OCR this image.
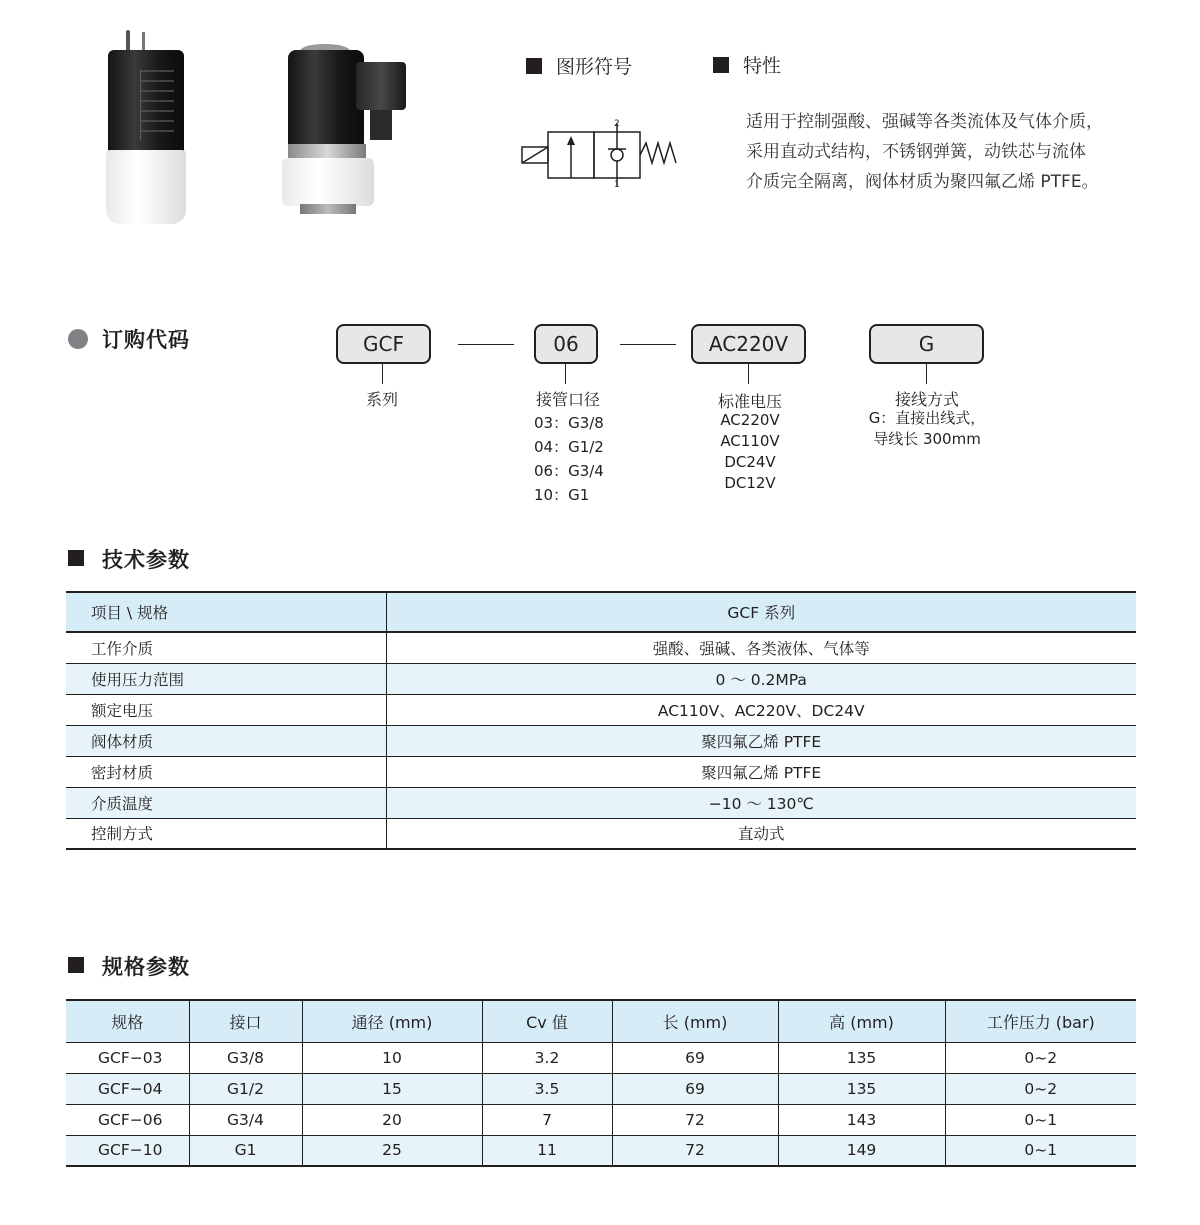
图形符号
2
1
特性
适用于控制强酸、强碱等各类流体及气体介质，
采用直动式结构，不锈钢弹簧，动铁芯与流体
介质完全隔离，阀体材质为聚四氟乙烯 PTFE。
订购代码	GCF	06	AC220V	G
系列	接管口径
03：G3/8
04：G1/2
06：G3/4
10：G1
标准电压
AC220V
AC110V
DC24V
DC12V
接线方式
G：直接出线式，
导线长 300mm
技术参数
项目 \ 规格	GCF 系列
工作介质	强酸、强碱、各类液体、气体等
使用压力范围	0 ～ 0.2MPa
额定电压	AC110V、AC220V、DC24V
阀体材质	聚四氟乙烯 PTFE
密封材质	聚四氟乙烯 PTFE
介质温度	−10 ～ 130℃
控制方式	直动式
规格参数
规格	接口	通径 (mm)	Cv 值	长 (mm)	高 (mm)	工作压力 (bar)
GCF−03	G3/8	10	3.2	69	135	0~2
GCF−04	G1/2	15	3.5	69	135	0~2
GCF−06	G3/4	20	7	72	143	0~1
GCF−10	G1	25	11	72	149	0~1
